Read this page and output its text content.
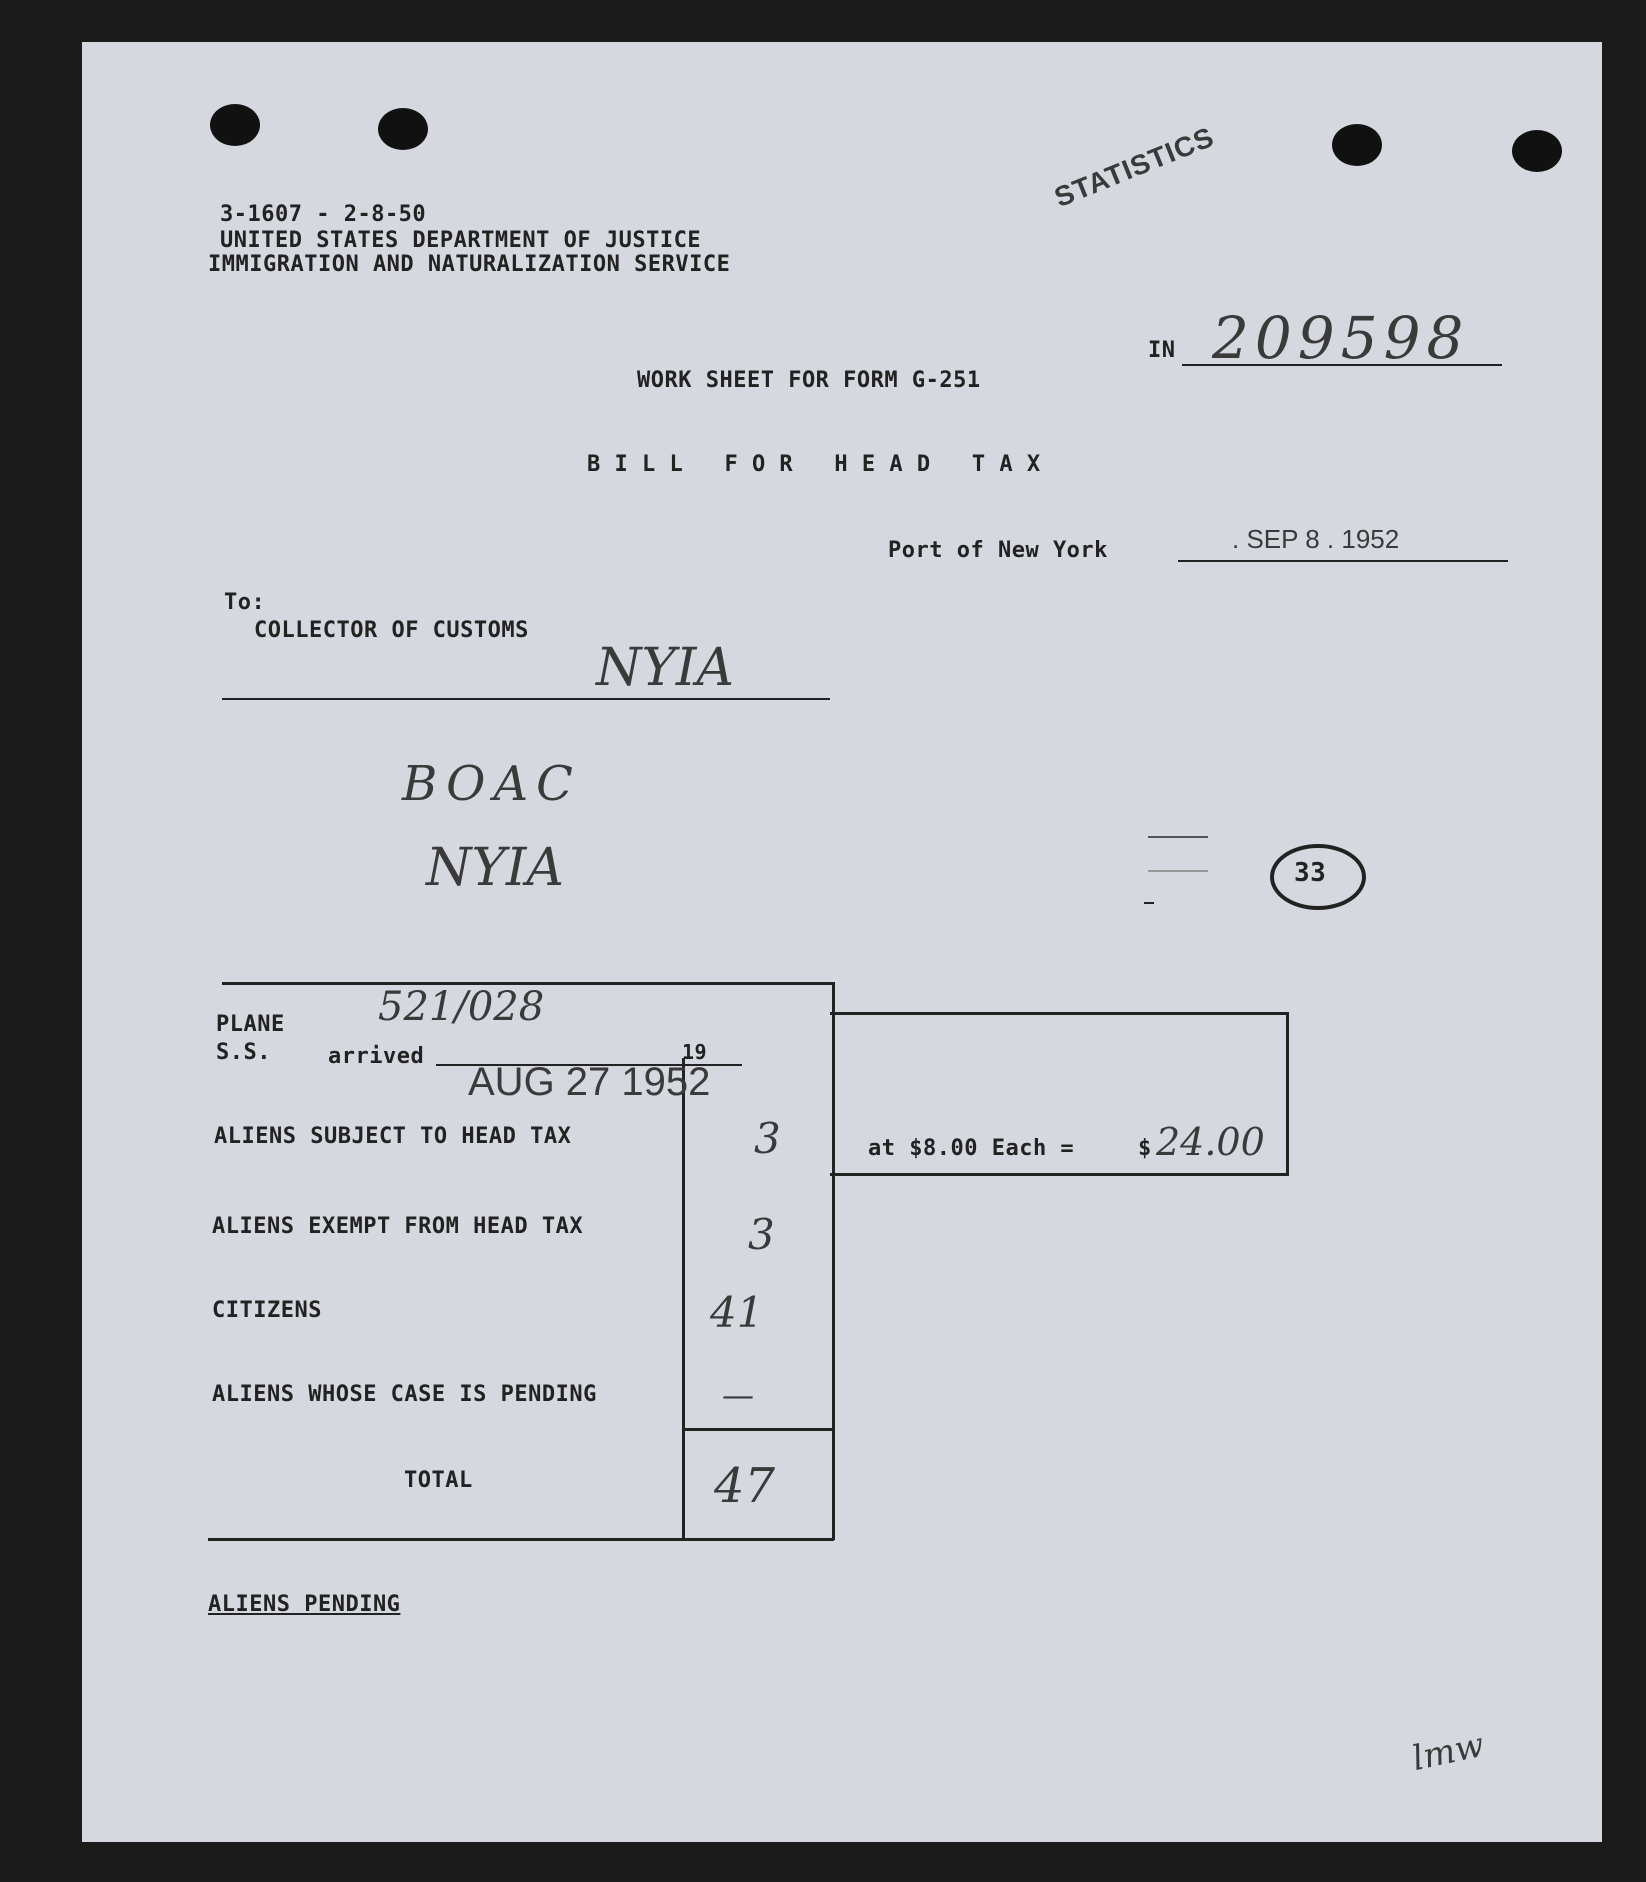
3-1607 - 2-8-50
UNITED STATES DEPARTMENT OF JUSTICE
IMMIGRATION AND NATURALIZATION SERVICE
STATISTICS
IN 209598
WORK SHEET FOR FORM G-251
B I L L   F O R   H E A D   T A X
Port of New York	. SEP 8 . 1952
To:
COLLECTOR OF CUSTOMS
NYIA
BOAC
NYIA	33
PLANE
S.S.	arrived	19
521/028
AUG 27 1952
ALIENS SUBJECT TO HEAD TAX	3
ALIENS EXEMPT FROM HEAD TAX	3
CITIZENS	41
ALIENS WHOSE CASE IS PENDING	—
TOTAL	47
at $8.00 Each =	$ 24.00
ALIENS PENDING
lmw
